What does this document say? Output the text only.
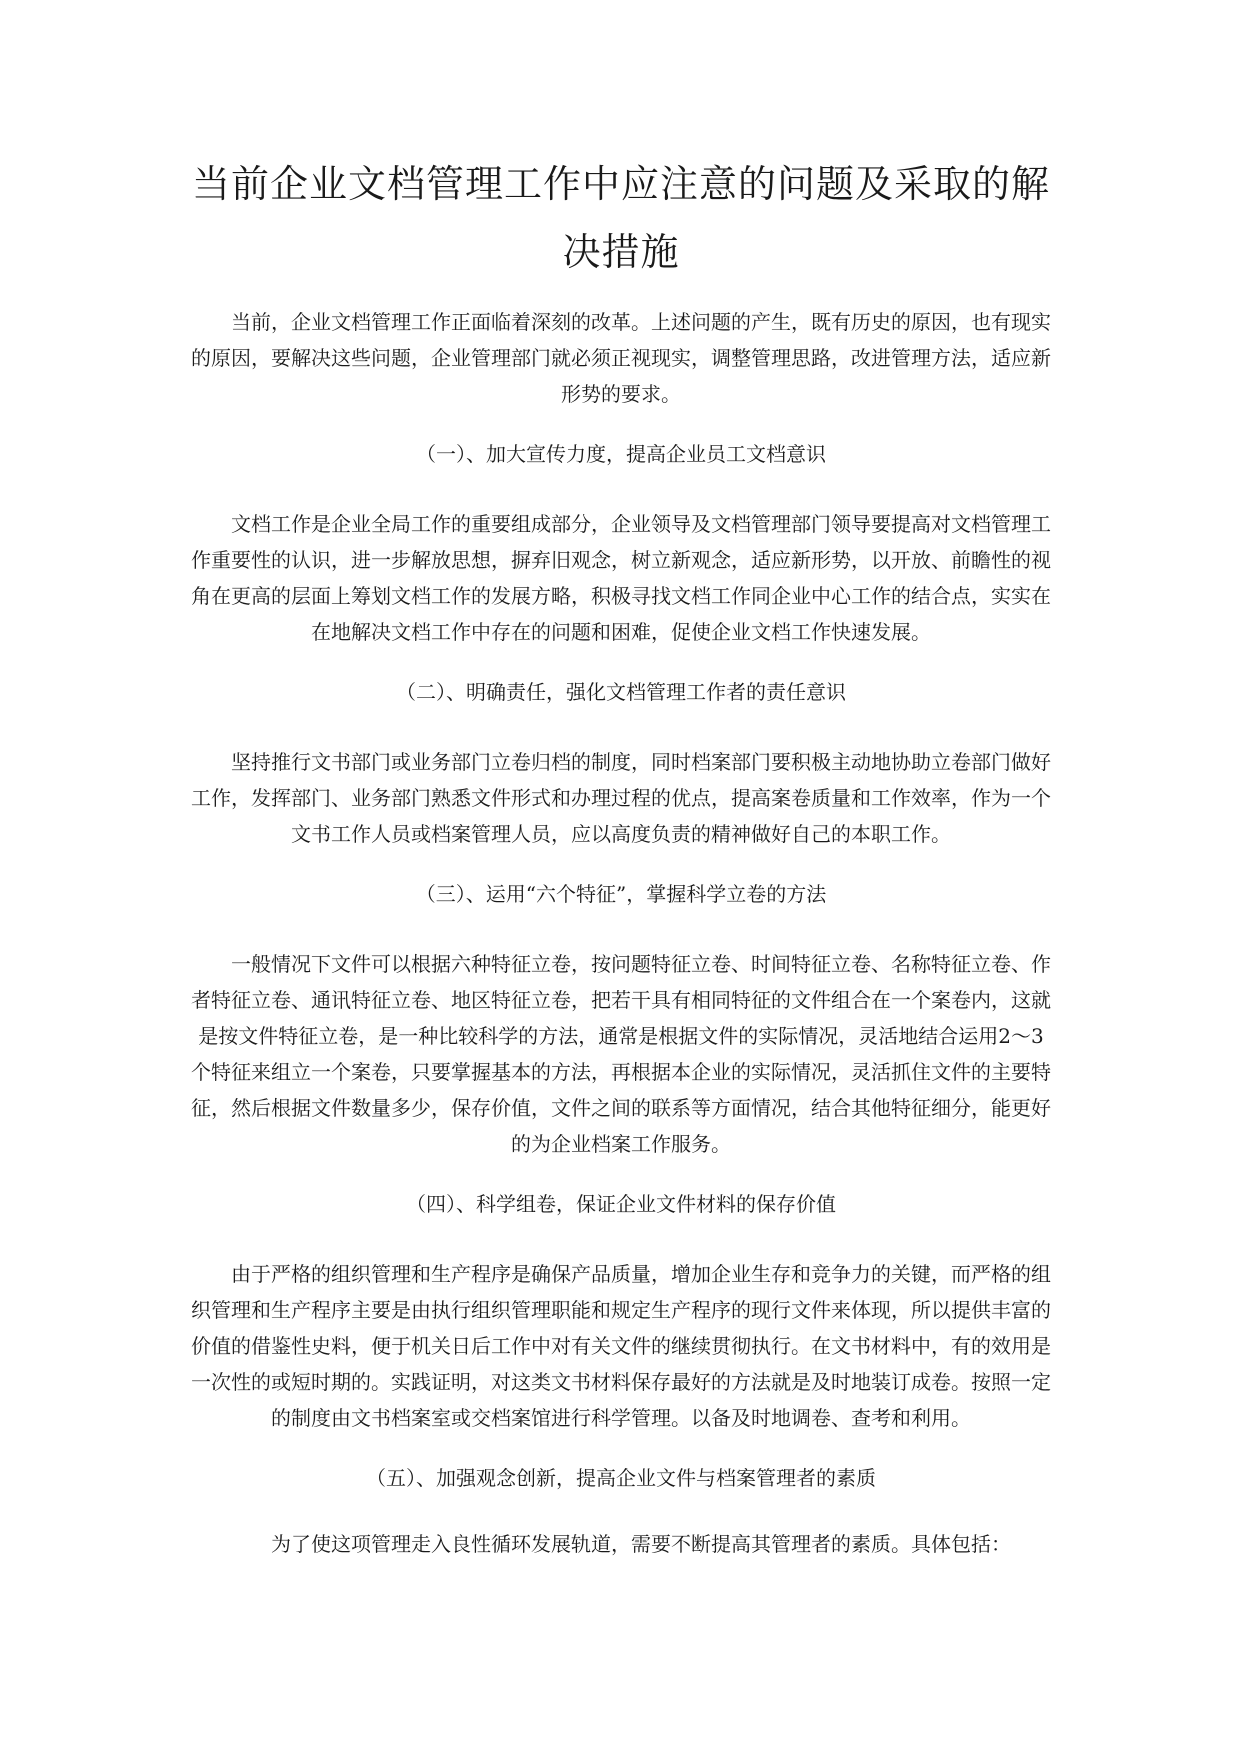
当前企业文档管理工作中应注意的问题及采取的解决措施

当前，企业文档管理工作正面临着深刻的改革。上述问题的产生，既有历史的原因，也有现实的原因，要解决这些问题，企业管理部门就必须正视现实，调整管理思路，改进管理方法，适应新形势的要求。

（一）、加大宣传力度，提高企业员工文档意识

文档工作是企业全局工作的重要组成部分，企业领导及文档管理部门领导要提高对文档管理工作重要性的认识，进一步解放思想，摒弃旧观念，树立新观念，适应新形势，以开放、前瞻性的视角在更高的层面上筹划文档工作的发展方略，积极寻找文档工作同企业中心工作的结合点，实实在在地解决文档工作中存在的问题和困难，促使企业文档工作快速发展。

（二）、明确责任，强化文档管理工作者的责任意识

坚持推行文书部门或业务部门立卷归档的制度，同时档案部门要积极主动地协助立卷部门做好工作，发挥部门、业务部门熟悉文件形式和办理过程的优点，提高案卷质量和工作效率，作为一个文书工作人员或档案管理人员，应以高度负责的精神做好自己的本职工作。

（三）、运用“六个特征”，掌握科学立卷的方法

一般情况下文件可以根据六种特征立卷，按问题特征立卷、时间特征立卷、名称特征立卷、作者特征立卷、通讯特征立卷、地区特征立卷，把若干具有相同特征的文件组合在一个案卷内，这就是按文件特征立卷，是一种比较科学的方法，通常是根据文件的实际情况，灵活地结合运用2～3个特征来组立一个案卷，只要掌握基本的方法，再根据本企业的实际情况，灵活抓住文件的主要特征，然后根据文件数量多少，保存价值，文件之间的联系等方面情况，结合其他特征细分，能更好的为企业档案工作服务。

（四）、科学组卷，保证企业文件材料的保存价值

由于严格的组织管理和生产程序是确保产品质量，增加企业生存和竞争力的关键，而严格的组织管理和生产程序主要是由执行组织管理职能和规定生产程序的现行文件来体现，所以提供丰富的价值的借鉴性史料，便于机关日后工作中对有关文件的继续贯彻执行。在文书材料中，有的效用是一次性的或短时期的。实践证明，对这类文书材料保存最好的方法就是及时地装订成卷。按照一定的制度由文书档案室或交档案馆进行科学管理。以备及时地调卷、查考和利用。

（五）、加强观念创新，提高企业文件与档案管理者的素质

为了使这项管理走入良性循环发展轨道，需要不断提高其管理者的素质。具体包括：
